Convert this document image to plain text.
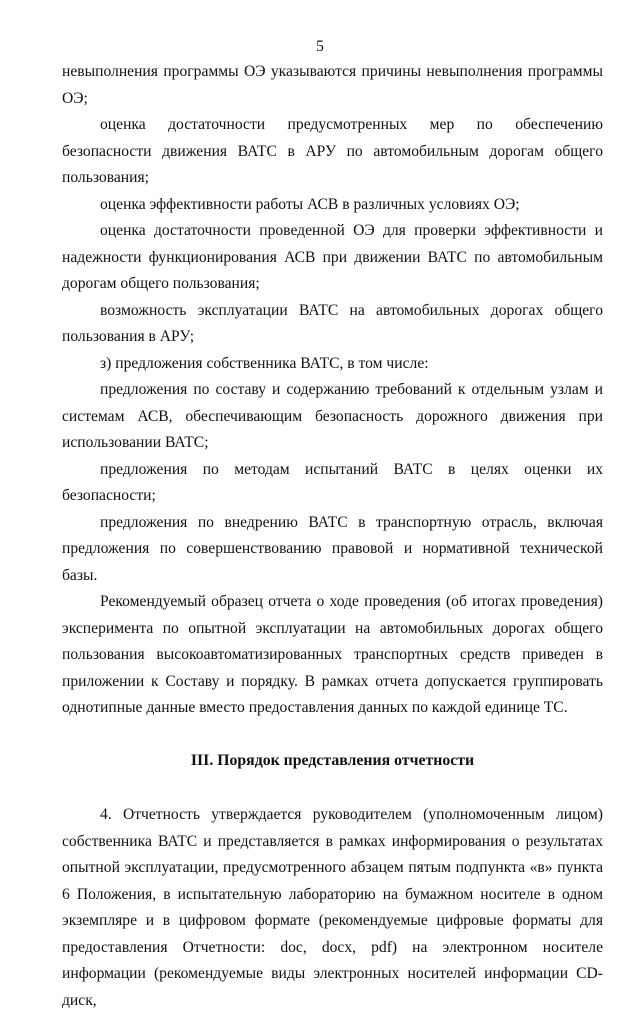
5

невыполнения программы ОЭ указываются причины невыполнения программы ОЭ;

оценка достаточности предусмотренных мер по обеспечению безопасности движения ВАТС в АРУ по автомобильным дорогам общего пользования;

оценка эффективности работы АСВ в различных условиях ОЭ;

оценка достаточности проведенной ОЭ для проверки эффективности и надежности функционирования АСВ при движении ВАТС по автомобильным дорогам общего пользования;

возможность эксплуатации ВАТС на автомобильных дорогах общего пользования в АРУ;

з) предложения собственника ВАТС, в том числе:

предложения по составу и содержанию требований к отдельным узлам и системам АСВ, обеспечивающим безопасность дорожного движения при использовании ВАТС;

предложения по методам испытаний ВАТС в целях оценки их безопасности;

предложения по внедрению ВАТС в транспортную отрасль, включая предложения по совершенствованию правовой и нормативной технической базы.

Рекомендуемый образец отчета о ходе проведения (об итогах проведения) эксперимента по опытной эксплуатации на автомобильных дорогах общего пользования высокоавтоматизированных транспортных средств приведен в приложении к Составу и порядку. В рамках отчета допускается группировать однотипные данные вместо предоставления данных по каждой единице ТС.

III. Порядок представления отчетности

4. Отчетность утверждается руководителем (уполномоченным лицом) собственника ВАТС и представляется в рамках информирования о результатах опытной эксплуатации, предусмотренного абзацем пятым подпункта «в» пункта 6 Положения, в испытательную лабораторию на бумажном носителе в одном экземпляре и в цифровом формате (рекомендуемые цифровые форматы для предоставления Отчетности: doc, docx, pdf) на электронном носителе информации (рекомендуемые виды электронных носителей информации CD-диск,
